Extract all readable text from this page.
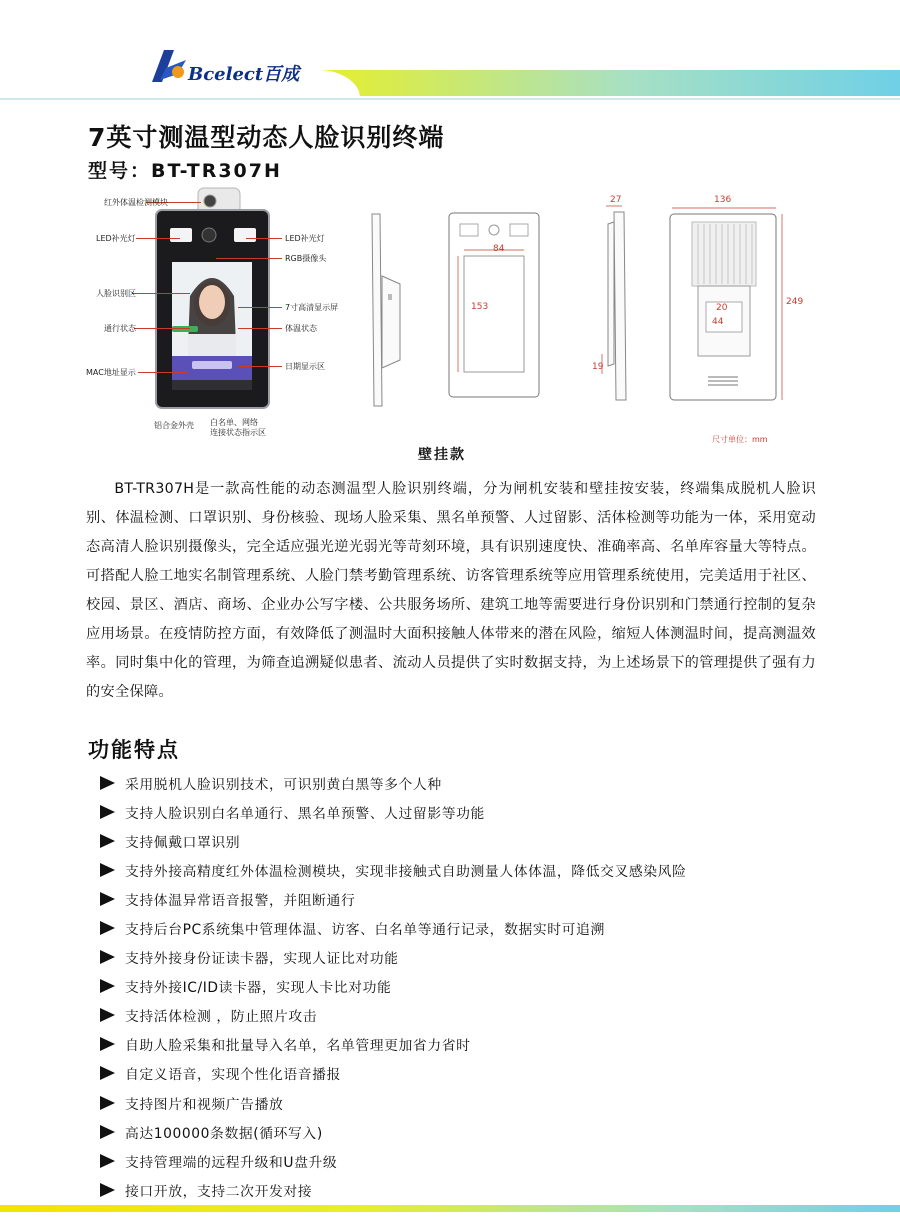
Bcelect百成
7英寸测温型动态人脸识别终端
型号：BT-TR307H
红外体温检测模块
LED补光灯
人脸识别区
通行状态
MAC地址显示
LED补光灯
RGB摄像头
7寸高清显示屏
体温状态
日期显示区
铝合金外壳 白名单、网络
连接状态指示区
84
153
27
19
136
249
20
44
尺寸单位：mm
壁挂款

BT-TR307H是一款高性能的动态测温型人脸识别终端，分为闸机安装和壁挂按安装，终端集成脱机人脸识别、体温检测、口罩识别、身份核验、现场人脸采集、黑名单预警、人过留影、活体检测等功能为一体，采用宽动态高清人脸识别摄像头，完全适应强光逆光弱光等苛刻环境，具有识别速度快、准确率高、名单库容量大等特点。可搭配人脸工地实名制管理系统、人脸门禁考勤管理系统、访客管理系统等应用管理系统使用，完美适用于社区、校园、景区、酒店、商场、企业办公写字楼、公共服务场所、建筑工地等需要进行身份识别和门禁通行控制的复杂应用场景。在疫情防控方面，有效降低了测温时大面积接触人体带来的潜在风险，缩短人体测温时间，提高测温效率。同时集中化的管理，为筛查追溯疑似患者、流动人员提供了实时数据支持，为上述场景下的管理提供了强有力的安全保障。

功能特点
采用脱机人脸识别技术，可识别黄白黑等多个人种
支持人脸识别白名单通行、黑名单预警、人过留影等功能
支持佩戴口罩识别
支持外接高精度红外体温检测模块，实现非接触式自助测量人体体温，降低交叉感染风险
支持体温异常语音报警，并阻断通行
支持后台PC系统集中管理体温、访客、白名单等通行记录，数据实时可追溯
支持外接身份证读卡器，实现人证比对功能
支持外接IC/ID读卡器，实现人卡比对功能
支持活体检测 ，防止照片攻击
自助人脸采集和批量导入名单，名单管理更加省力省时
自定义语音，实现个性化语音播报
支持图片和视频广告播放
高达100000条数据(循环写入)
支持管理端的远程升级和U盘升级
接口开放，支持二次开发对接
